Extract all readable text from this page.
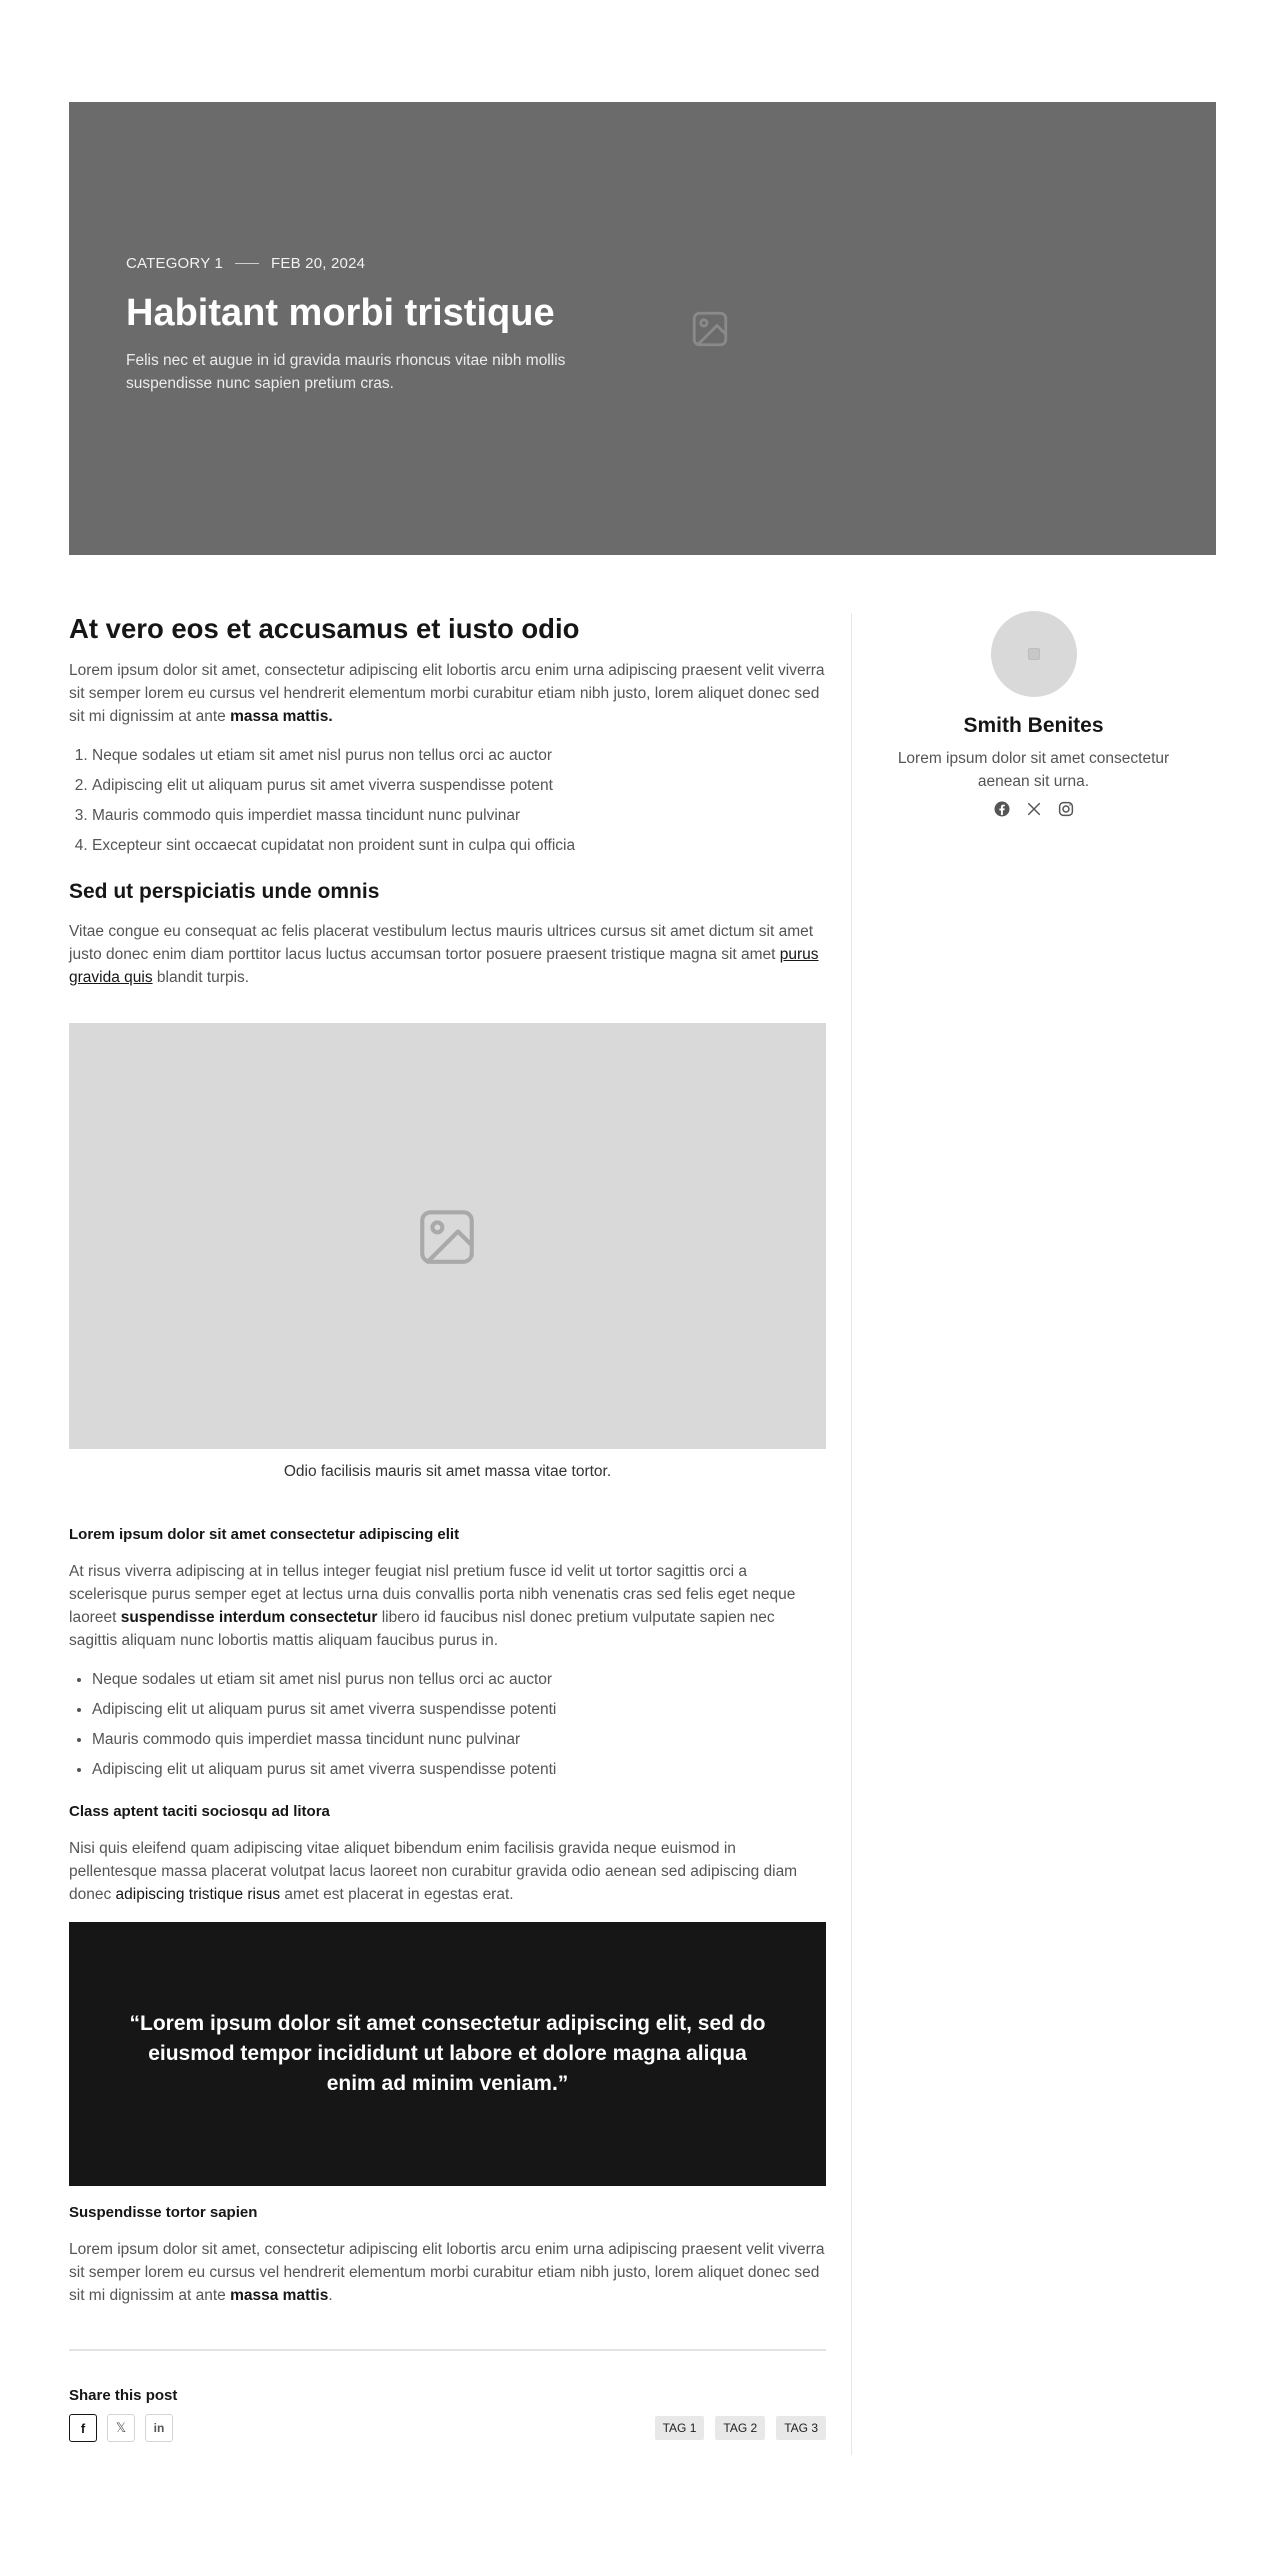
CATEGORY 1	FEB 20, 2024
Habitant morbi tristique

Felis nec et augue in id gravida mauris rhoncus vitae nibh mollis suspendisse nunc sapien pretium cras.

At vero eos et accusamus et iusto odio

Lorem ipsum dolor sit amet, consectetur adipiscing elit lobortis arcu enim urna adipiscing praesent velit viverra sit semper lorem eu cursus vel hendrerit elementum morbi curabitur etiam nibh justo, lorem aliquet donec sed sit mi dignissim at ante massa mattis.

1. Neque sodales ut etiam sit amet nisl purus non tellus orci ac auctor
2. Adipiscing elit ut aliquam purus sit amet viverra suspendisse potent
3. Mauris commodo quis imperdiet massa tincidunt nunc pulvinar
4. Excepteur sint occaecat cupidatat non proident sunt in culpa qui officia
Sed ut perspiciatis unde omnis

Vitae congue eu consequat ac felis placerat vestibulum lectus mauris ultrices cursus sit amet dictum sit amet justo donec enim diam porttitor lacus luctus accumsan tortor posuere praesent tristique magna sit amet purus gravida quis blandit turpis.

Odio facilisis mauris sit amet massa vitae tortor.

Lorem ipsum dolor sit amet consectetur adipiscing elit

At risus viverra adipiscing at in tellus integer feugiat nisl pretium fusce id velit ut tortor sagittis orci a scelerisque purus semper eget at lectus urna duis convallis porta nibh venenatis cras sed felis eget neque laoreet suspendisse interdum consectetur libero id faucibus nisl donec pretium vulputate sapien nec sagittis aliquam nunc lobortis mattis aliquam faucibus purus in.

• Neque sodales ut etiam sit amet nisl purus non tellus orci ac auctor
• Adipiscing elit ut aliquam purus sit amet viverra suspendisse potenti
• Mauris commodo quis imperdiet massa tincidunt nunc pulvinar
• Adipiscing elit ut aliquam purus sit amet viverra suspendisse potenti
Class aptent taciti sociosqu ad litora

Nisi quis eleifend quam adipiscing vitae aliquet bibendum enim facilisis gravida neque euismod in pellentesque massa placerat volutpat lacus laoreet non curabitur gravida odio aenean sed adipiscing diam donec adipiscing tristique risus amet est placerat in egestas erat.

“Lorem ipsum dolor sit amet consectetur adipiscing elit, sed do eiusmod tempor incididunt ut labore et dolore magna aliqua enim ad minim veniam.”

Suspendisse tortor sapien

Lorem ipsum dolor sit amet, consectetur adipiscing elit lobortis arcu enim urna adipiscing praesent velit viverra sit semper lorem eu cursus vel hendrerit elementum morbi curabitur etiam nibh justo, lorem aliquet donec sed sit mi dignissim at ante massa mattis.

Share this post
f 𝕏 in	TAG 1	TAG 2	TAG 3
Smith Benites

Lorem ipsum dolor sit amet consectetur aenean sit urna.
